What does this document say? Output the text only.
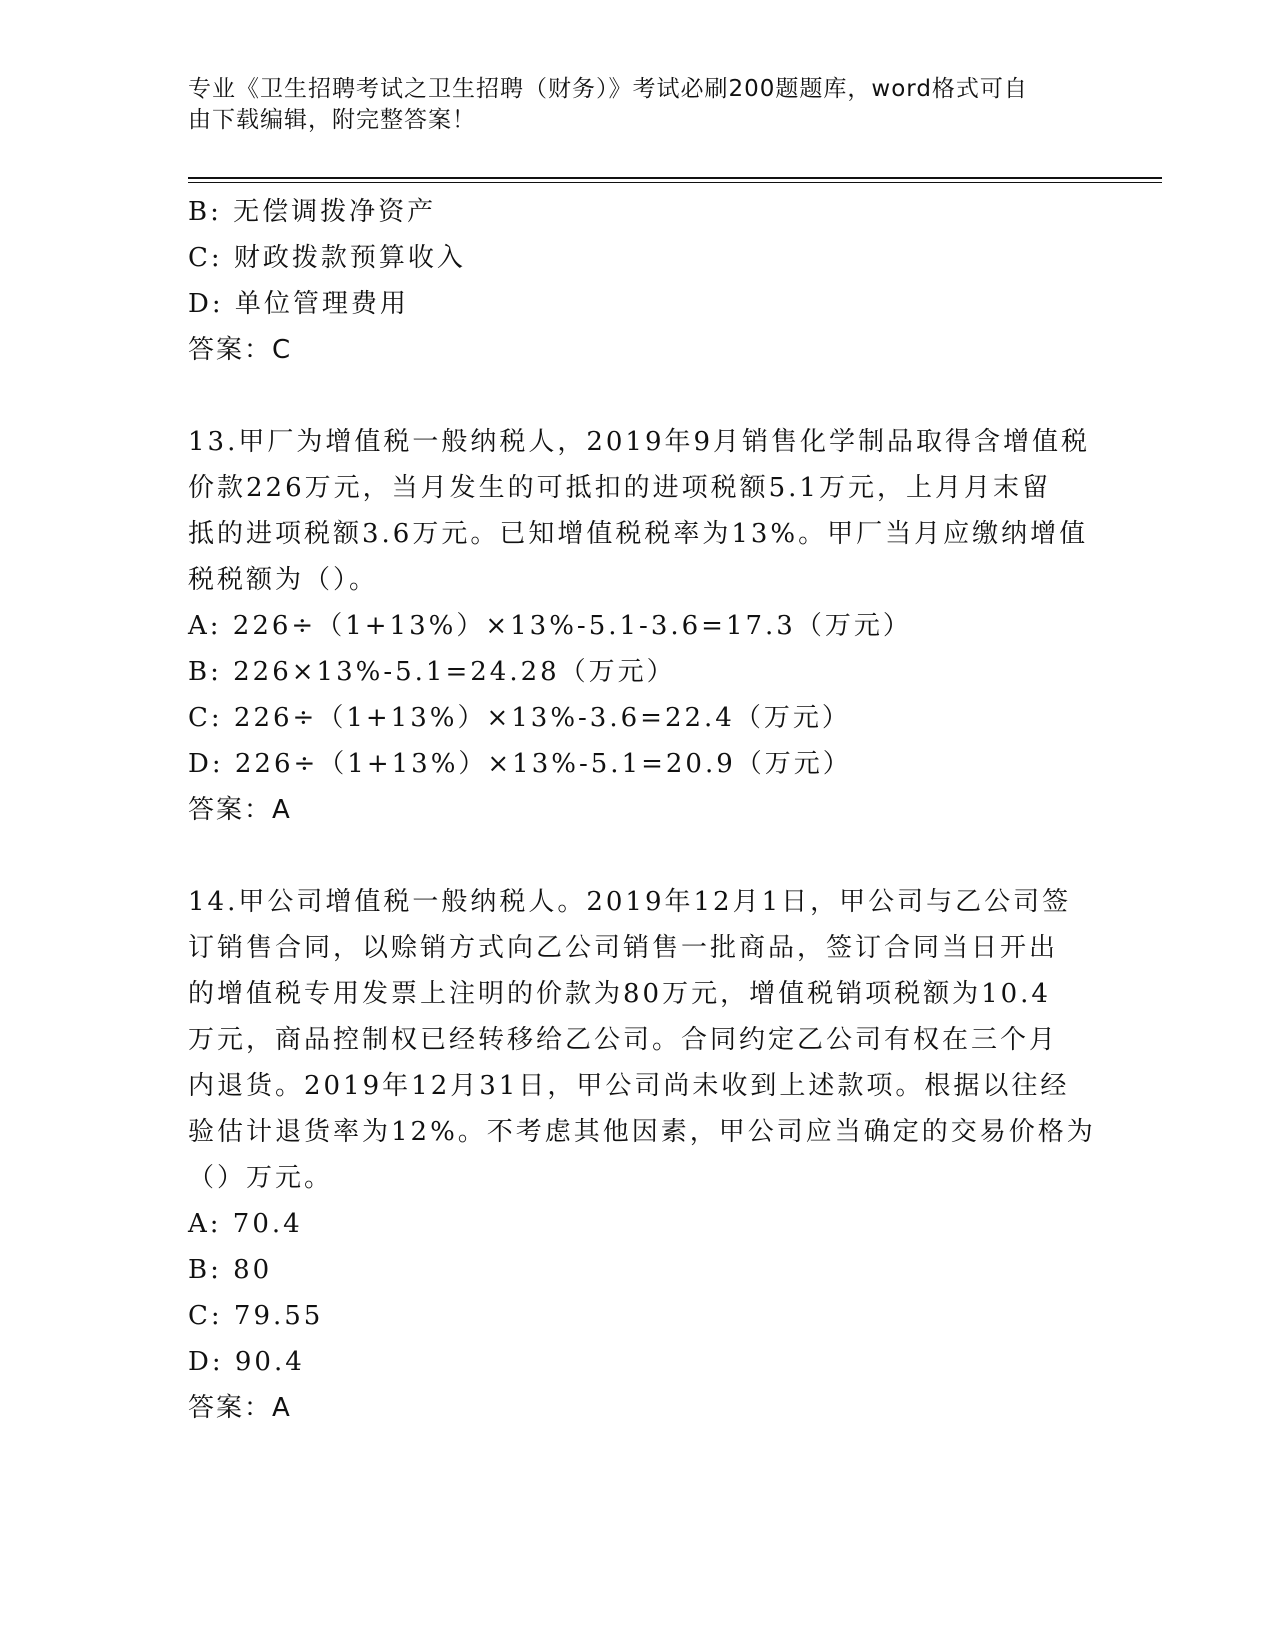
专业《卫生招聘考试之卫生招聘（财务）》考试必刷200题题库，word格式可自
由下载编辑，附完整答案！
B: 无偿调拨净资产
C: 财政拨款预算收入
D: 单位管理费用
答案：C
13.甲厂为增值税一般纳税人，2019年9月销售化学制品取得含增值税
价款226万元，当月发生的可抵扣的进项税额5.1万元，上月月末留
抵的进项税额3.6万元。已知增值税税率为13%。甲厂当月应缴纳增值
税税额为（）。
A: 226÷（1+13%）×13%-5.1-3.6=17.3（万元）
B: 226×13%-5.1=24.28（万元）
C: 226÷（1+13%）×13%-3.6=22.4（万元）
D: 226÷（1+13%）×13%-5.1=20.9（万元）
答案：A
14.甲公司增值税一般纳税人。2019年12月1日，甲公司与乙公司签
订销售合同，以赊销方式向乙公司销售一批商品，签订合同当日开出
的增值税专用发票上注明的价款为80万元，增值税销项税额为10.4
万元，商品控制权已经转移给乙公司。合同约定乙公司有权在三个月
内退货。2019年12月31日，甲公司尚未收到上述款项。根据以往经
验估计退货率为12%。不考虑其他因素，甲公司应当确定的交易价格为
（）万元。
A: 70.4
B: 80
C: 79.55
D: 90.4
答案：A
